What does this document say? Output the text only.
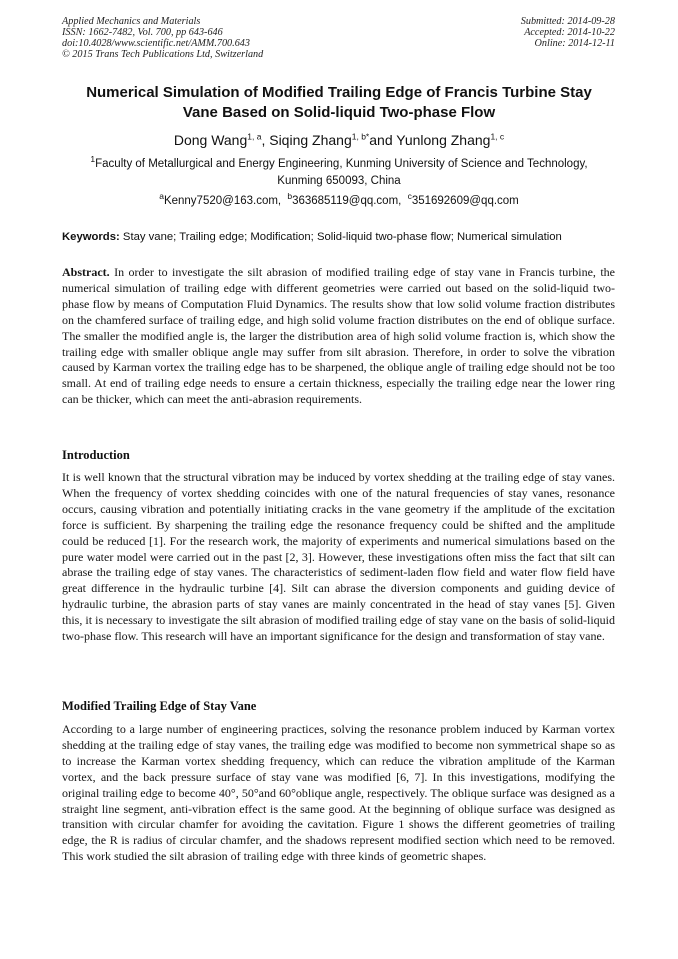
Applied Mechanics and Materials
ISSN: 1662-7482, Vol. 700, pp 643-646
doi:10.4028/www.scientific.net/AMM.700.643
© 2015 Trans Tech Publications Ltd, Switzerland
Submitted: 2014-09-28
Accepted: 2014-10-22
Online: 2014-12-11
Numerical Simulation of Modified Trailing Edge of Francis Turbine Stay
Vane Based on Solid-liquid Two-phase Flow
Dong Wang$^{1, a}$, Siqing Zhang$^{1, b*}$and Yunlong Zhang$^{1, c}$
$^1$Faculty of Metallurgical and Energy Engineering, Kunming University of Science and Technology,
Kunming 650093, China
$^a$Kenny7520@163.com, $^b$363685119@qq.com, $^c$351692609@qq.com
Keywords: Stay vane; Trailing edge; Modification; Solid-liquid two-phase flow; Numerical simulation
Abstract. In order to investigate the silt abrasion of modified trailing edge of stay vane in Francis turbine, the numerical simulation of trailing edge with different geometries were carried out based on the solid-liquid two-phase flow by means of Computation Fluid Dynamics. The results show that low solid volume fraction distributes on the chamfered surface of trailing edge, and high solid volume fraction distributes on the end of oblique surface. The smaller the modified angle is, the larger the distribution area of high solid volume fraction is, which show the trailing edge with smaller oblique angle may suffer from silt abrasion. Therefore, in order to solve the vibration caused by Karman vortex the trailing edge has to be sharpened, the oblique angle of trailing edge should not be too small. At end of trailing edge needs to ensure a certain thickness, especially the trailing edge near the lower ring can be thicker, which can meet the anti-abrasion requirements.
Introduction
It is well known that the structural vibration may be induced by vortex shedding at the trailing edge of stay vanes. When the frequency of vortex shedding coincides with one of the natural frequencies of stay vanes, resonance occurs, causing vibration and potentially initiating cracks in the vane geometry if the amplitude of the excitation force is sufficient. By sharpening the trailing edge the resonance frequency could be shifted and the amplitude could be reduced [1]. For the research work, the majority of experiments and numerical simulations based on the pure water model were carried out in the past [2, 3]. However, these investigations often miss the fact that silt can abrase the trailing edge of stay vanes. The characteristics of sediment-laden flow field and water flow field have great difference in the hydraulic turbine [4]. Silt can abrase the diversion components and guiding device of hydraulic turbine, the abrasion parts of stay vanes are mainly concentrated in the head of stay vanes [5]. Given this, it is necessary to investigate the silt abrasion of modified trailing edge of stay vane on the basis of solid-liquid two-phase flow. This research will have an important significance for the design and transformation of stay vane.
Modified Trailing Edge of Stay Vane
According to a large number of engineering practices, solving the resonance problem induced by Karman vortex shedding at the trailing edge of stay vanes, the trailing edge was modified to become non symmetrical shape so as to increase the Karman vortex shedding frequency, which can reduce the vibration amplitude of the Karman vortex, and the back pressure surface of stay vane was modified [6, 7]. In this investigations, modifying the original trailing edge to become 40°, 50°and 60°oblique angle, respectively. The oblique surface was designed as a straight line segment, anti-vibration effect is the same good. At the beginning of oblique surface was designed as transition with circular chamfer for avoiding the cavitation. Figure 1 shows the different geometries of trailing edge, the R is radius of circular chamfer, and the shadows represent modified section which need to be removed. This work studied the silt abrasion of trailing edge with three kinds of geometric shapes.
